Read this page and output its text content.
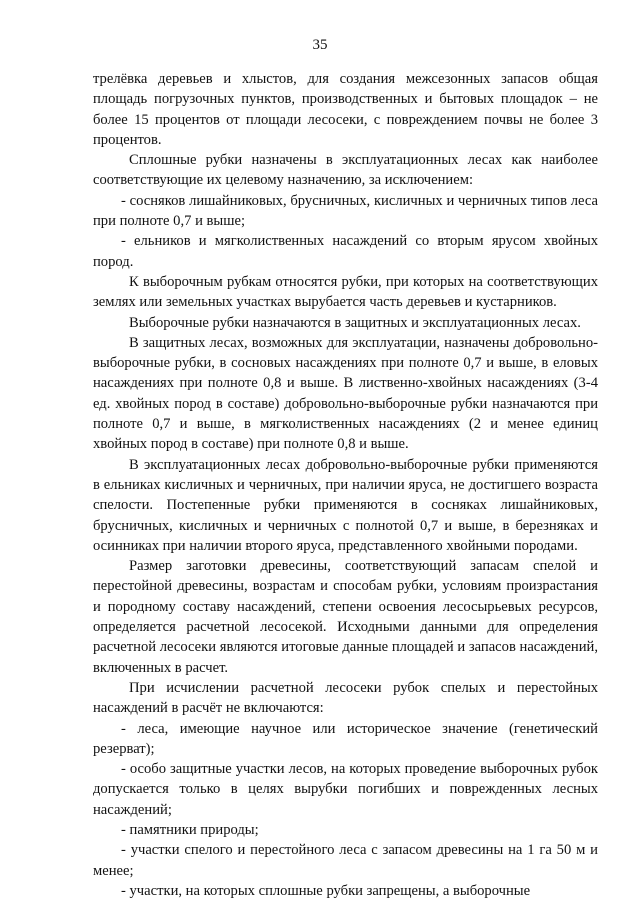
35

трелёвка деревьев и хлыстов, для создания межсезонных запасов общая площадь погрузочных пунктов, производственных и бытовых площадок – не более 15 процентов от площади лесосеки, с повреждением почвы не более 3 процентов.

Сплошные рубки назначены в эксплуатационных лесах как наиболее соответствующие их целевому назначению, за исключением:

- сосняков лишайниковых, брусничных, кисличных и черничных типов леса при полноте 0,7 и выше;

- ельников и мягколиственных насаждений со вторым ярусом хвойных пород.

К выборочным рубкам относятся рубки, при которых на соответствующих землях или земельных участках вырубается часть деревьев и кустарников.

Выборочные рубки назначаются в защитных и эксплуатационных лесах.

В защитных лесах, возможных для эксплуатации, назначены добровольно-выборочные рубки, в сосновых насаждениях при полноте 0,7 и выше, в еловых насаждениях при полноте 0,8 и выше. В лиственно-хвойных насаждениях (3-4 ед. хвойных пород в составе) добровольно-выборочные рубки назначаются при полноте 0,7 и выше, в мягколиственных насаждениях (2 и менее единиц хвойных пород в составе) при полноте 0,8 и выше.

В эксплуатационных лесах добровольно-выборочные рубки применяются в ельниках кисличных и черничных, при наличии яруса, не достигшего возраста спелости. Постепенные рубки применяются в сосняках лишайниковых, брусничных, кисличных и черничных с полнотой 0,7 и выше, в березняках и осинниках при наличии второго яруса, представленного хвойными породами.

Размер заготовки древесины, соответствующий запасам спелой и перестойной древесины, возрастам и способам рубки, условиям произрастания и породному составу насаждений, степени освоения лесосырьевых ресурсов, определяется расчетной лесосекой. Исходными данными для определения расчетной лесосеки являются итоговые данные площадей и запасов насаждений, включенных в расчет.

При исчислении расчетной лесосеки рубок спелых и перестойных насаждений в расчёт не включаются:

- леса, имеющие научное или историческое значение (генетический резерват);

- особо защитные участки лесов, на которых проведение выборочных рубок допускается только в целях вырубки погибших и поврежденных лесных насаждений;

- памятники природы;

- участки спелого и перестойного леса с запасом древесины на 1 га 50 м и менее;

- участки, на которых сплошные рубки запрещены, а выборочные
